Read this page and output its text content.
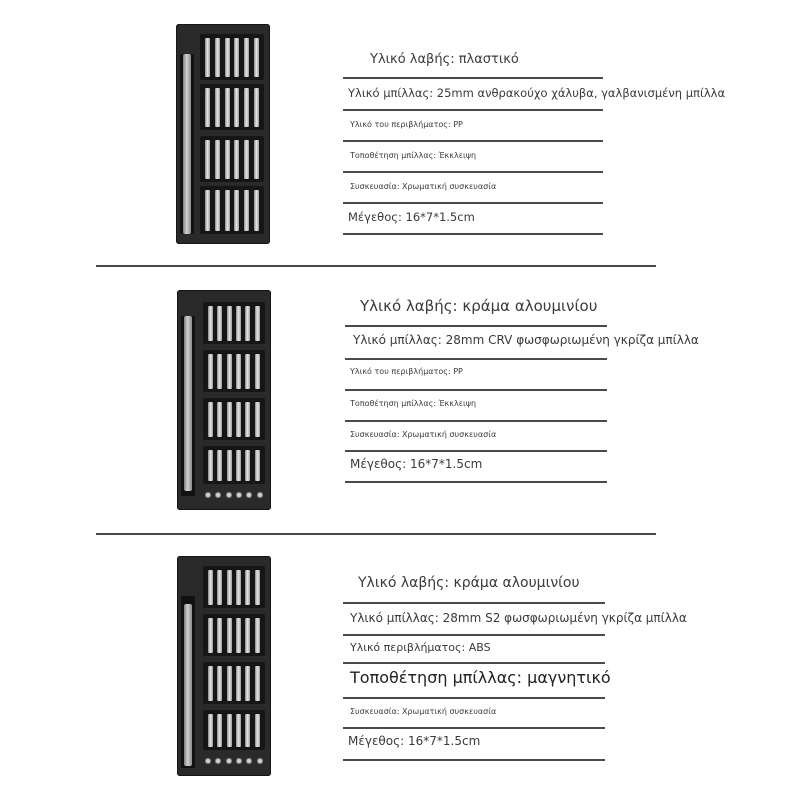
Υλικό λαβής: πλαστικό
Υλικό μπίλλας: 25mm ανθρακούχο χάλυβα, γαλβανισμένη μπίλλα
Υλικό του περιβλήματος: PP
Τοποθέτηση μπίλλας: Έκκλειψη
Συσκευασία: Χρωματική συσκευασία
Μέγεθος: 16*7*1.5cm
Υλικό λαβής: κράμα αλουμινίου
Υλικό μπίλλας: 28mm CRV φωσφωριωμένη γκρίζα μπίλλα
Υλικό του περιβλήματος: PP
Τοποθέτηση μπίλλας: Έκκλειψη
Συσκευασία: Χρωματική συσκευασία
Μέγεθος: 16*7*1.5cm
Υλικό λαβής: κράμα αλουμινίου
Υλικό μπίλλας: 28mm S2 φωσφωριωμένη γκρίζα μπίλλα
Υλικό περιβλήματος: ABS
Τοποθέτηση μπίλλας: μαγνητικό
Συσκευασία: Χρωματική συσκευασία
Μέγεθος: 16*7*1.5cm
